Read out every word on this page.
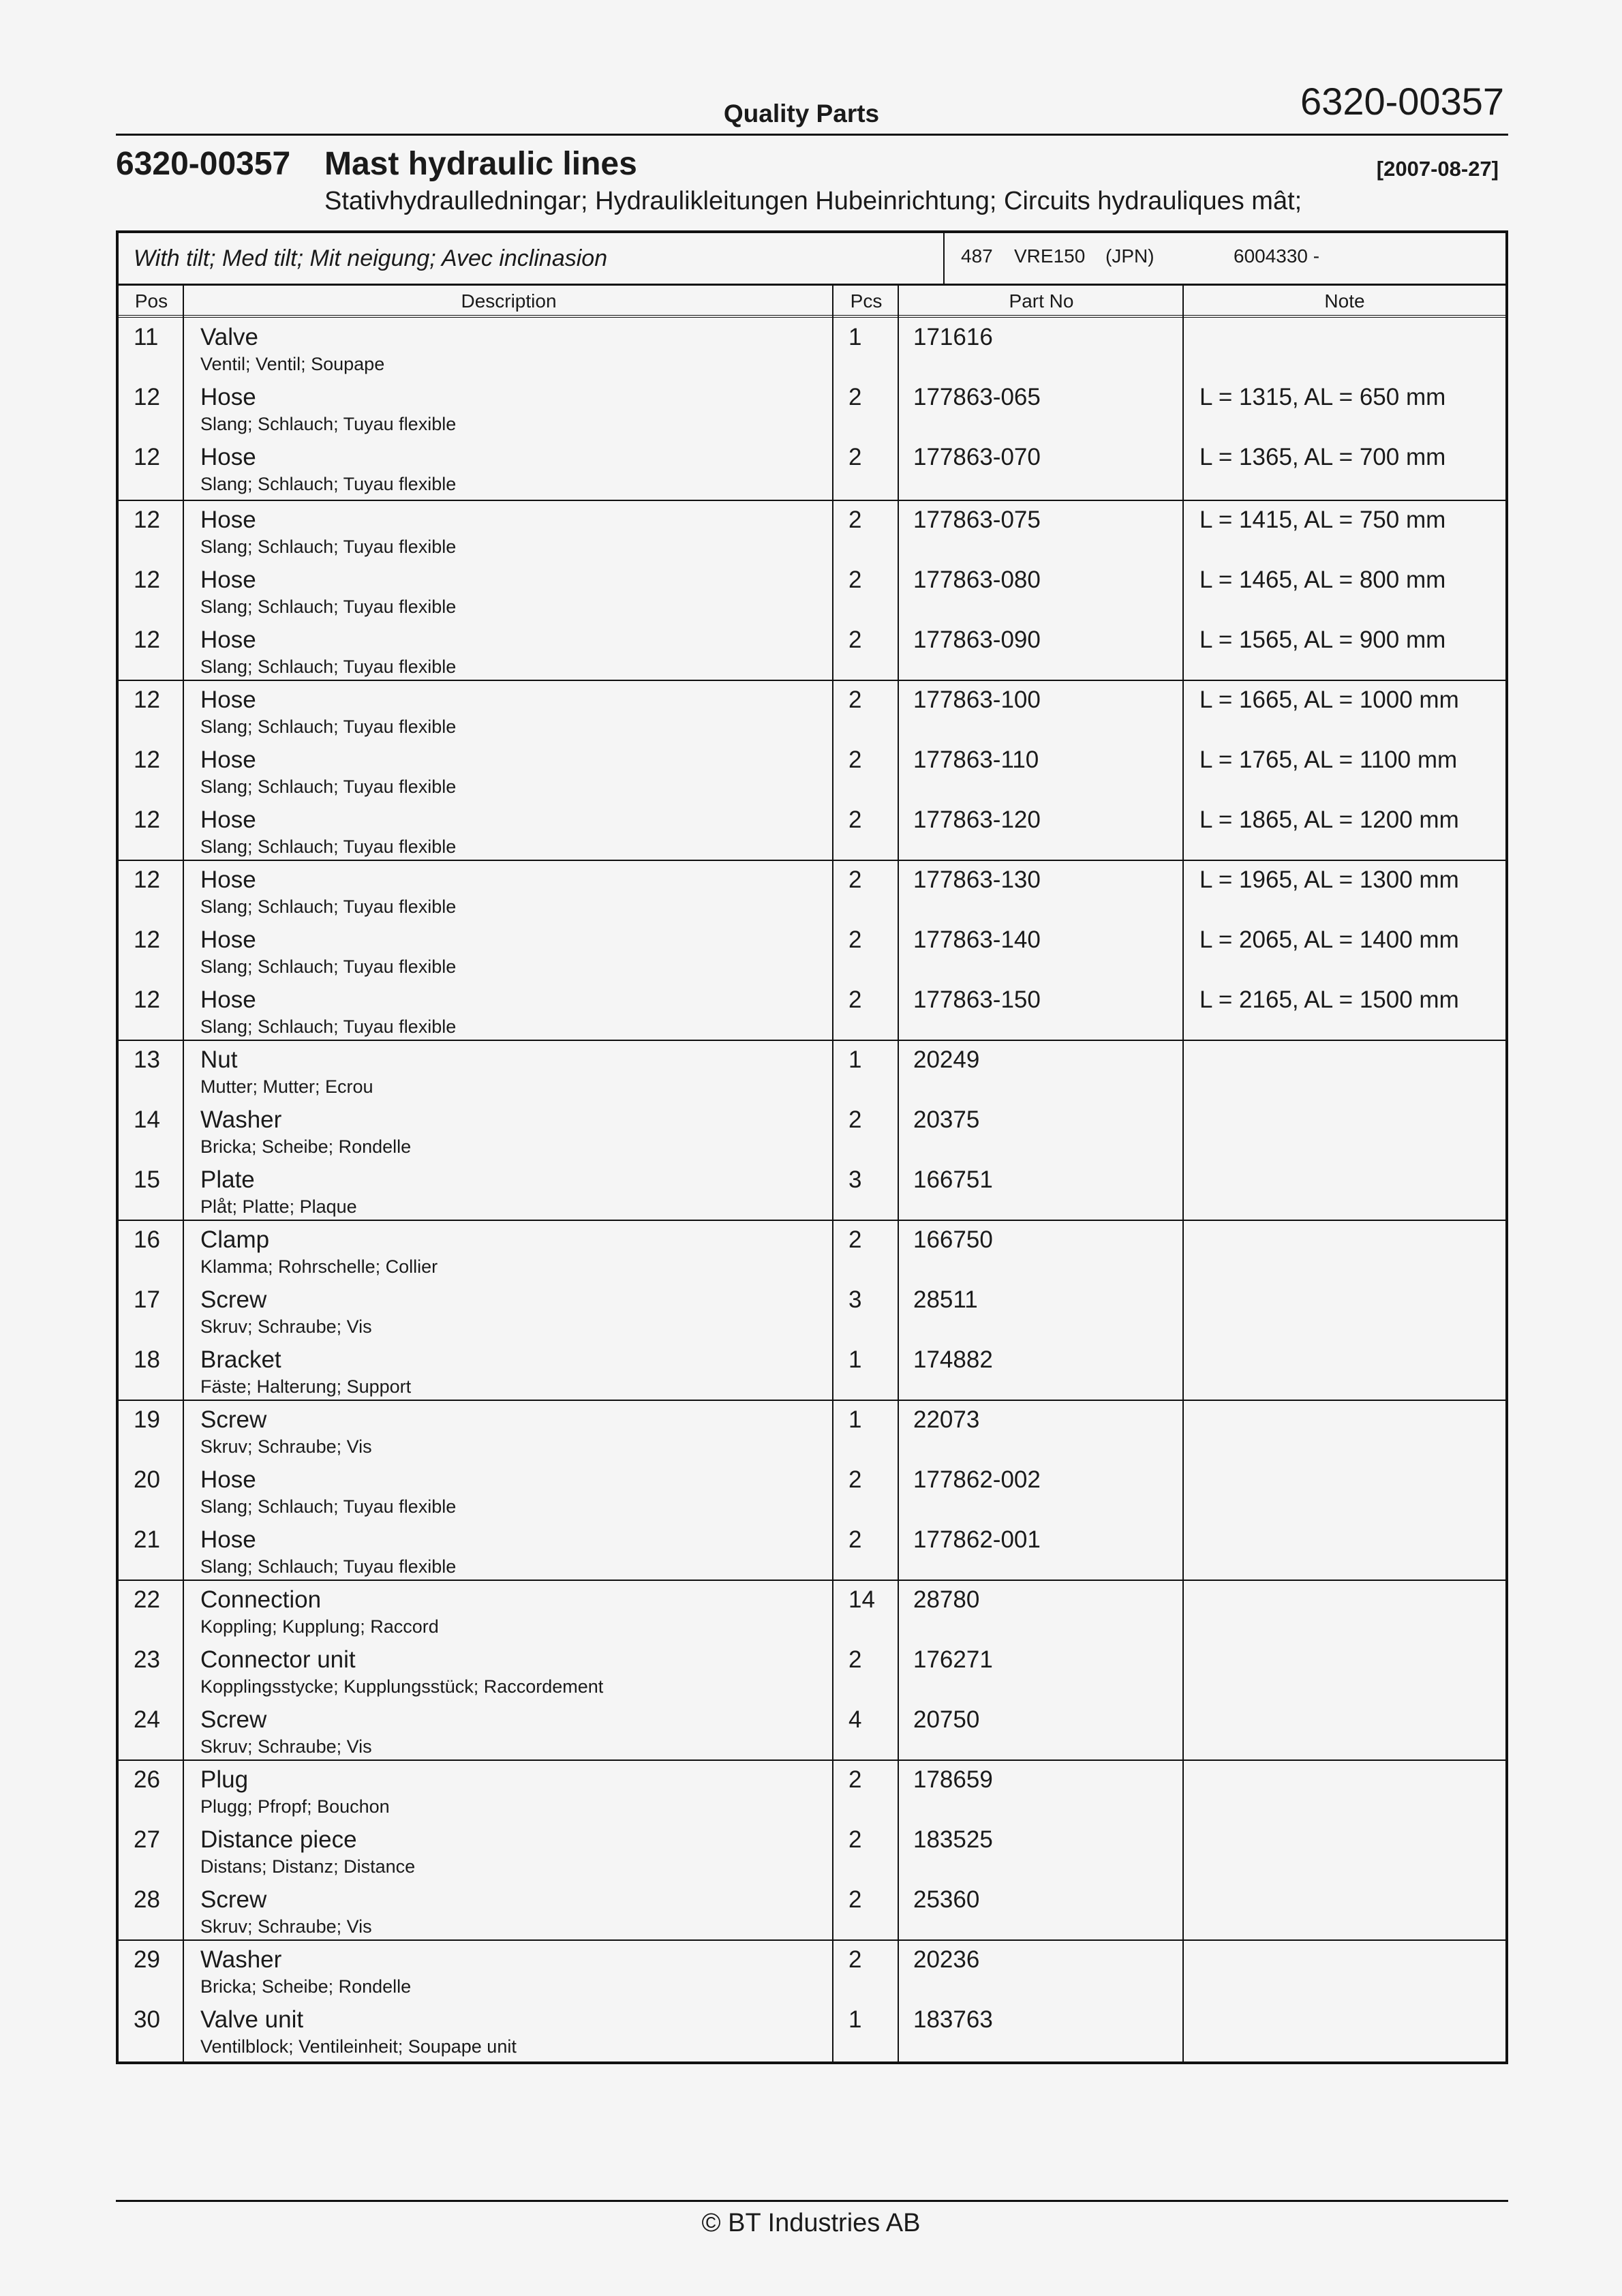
Quality Parts	6320-00357
6320-00357 Mast hydraulic lines	[2007-08-27]
Stativhydraulledningar; Hydraulikleitungen Hubeinrichtung; Circuits hydrauliques mât;
With tilt; Med tilt; Mit neigung; Avec inclinasion	487 VRE150 (JPN)	6004330 -
Pos	Description	Pcs	Part No	Note
11 Valve
Ventil; Ventil; Soupape
1 171616
12 Hose
Slang; Schlauch; Tuyau flexible
2 177863-065	L = 1315, AL = 650 mm
12 Hose
Slang; Schlauch; Tuyau flexible
2 177863-070	L = 1365, AL = 700 mm
12 Hose
Slang; Schlauch; Tuyau flexible
2 177863-075	L = 1415, AL = 750 mm
12 Hose
Slang; Schlauch; Tuyau flexible
2 177863-080	L = 1465, AL = 800 mm
12 Hose
Slang; Schlauch; Tuyau flexible
2 177863-090	L = 1565, AL = 900 mm
12 Hose
Slang; Schlauch; Tuyau flexible
2 177863-100	L = 1665, AL = 1000 mm
12 Hose
Slang; Schlauch; Tuyau flexible
2 177863-110	L = 1765, AL = 1100 mm
12 Hose
Slang; Schlauch; Tuyau flexible
2 177863-120	L = 1865, AL = 1200 mm
12 Hose
Slang; Schlauch; Tuyau flexible
2 177863-130	L = 1965, AL = 1300 mm
12 Hose
Slang; Schlauch; Tuyau flexible
2 177863-140	L = 2065, AL = 1400 mm
12 Hose
Slang; Schlauch; Tuyau flexible
2 177863-150	L = 2165, AL = 1500 mm
13 Nut
Mutter; Mutter; Ecrou
1 20249
14 Washer
Bricka; Scheibe; Rondelle
2 20375
15 Plate
Plåt; Platte; Plaque
3 166751
16 Clamp
Klamma; Rohrschelle; Collier
2 166750
17 Screw
Skruv; Schraube; Vis
3 28511
18 Bracket
Fäste; Halterung; Support
1 174882
19 Screw
Skruv; Schraube; Vis
1 22073
20 Hose
Slang; Schlauch; Tuyau flexible
2 177862-002
21 Hose
Slang; Schlauch; Tuyau flexible
2 177862-001
22 Connection
Koppling; Kupplung; Raccord
14 28780
23 Connector unit
Kopplingsstycke; Kupplungsstück; Raccordement
2 176271
24 Screw
Skruv; Schraube; Vis
4 20750
26 Plug
Plugg; Pfropf; Bouchon
2 178659
27 Distance piece
Distans; Distanz; Distance
2 183525
28 Screw
Skruv; Schraube; Vis
2 25360
29 Washer
Bricka; Scheibe; Rondelle
2 20236
30 Valve unit
Ventilblock; Ventileinheit; Soupape unit
1 183763
© BT Industries AB
